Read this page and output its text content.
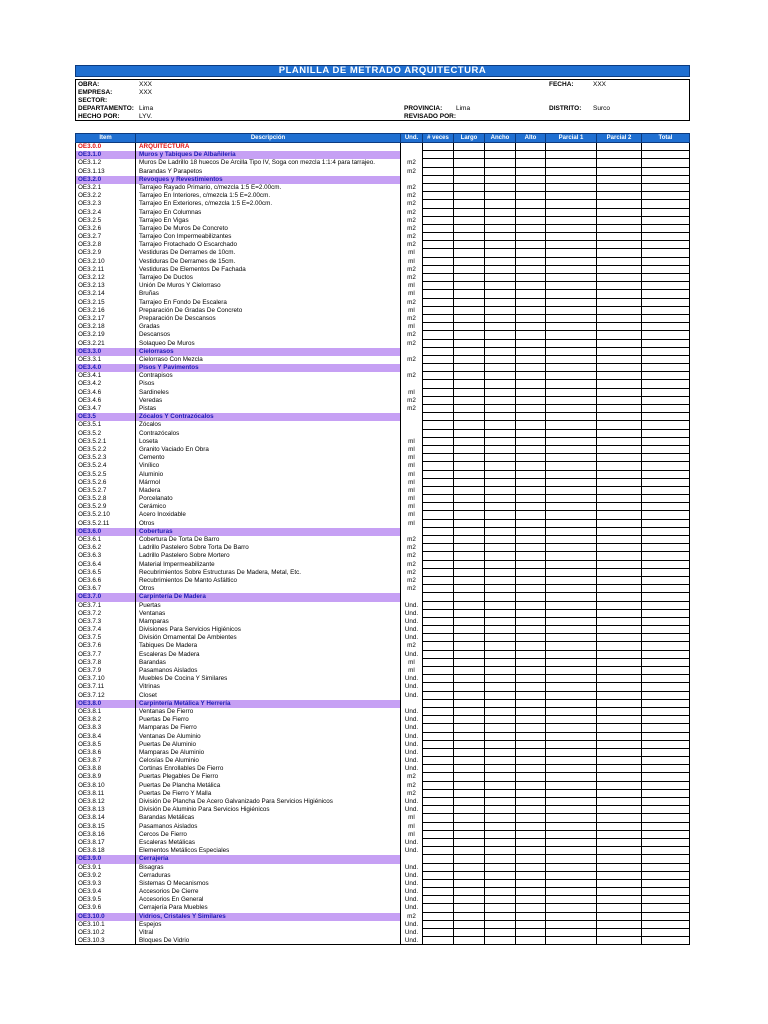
PLANILLA DE METRADO ARQUITECTURA
OBRA:	XXX	FECHA:	XXX
EMPRESA:	XXX
SECTOR:
DEPARTAMENTO: Lima	PROVINCIA: Lima	DISTRITO: Surco
HECHO POR:	LYV.	REVISADO POR:
Item	Descripción	Und.	# veces	Largo	Ancho	Alto	Parcial 1	Parcial 2	Total
OE3.0.0	ARQUITECTURA
OE3.1.0	Muros y Tabiques De Albañilería
OE3.1.2	Muros De Ladrillo 18 huecos De Arcilla Tipo IV, Soga con mezcla 1:1:4 para tarrajeo.	m2
OE3.1.13	Barandas Y Parapetos	m2
OE3.2.0	Revoques y Revestimientos
OE3.2.1	Tarrajeo Rayado Primario, c/mezcla 1:5 E=2.00cm.	m2
OE3.2.2	Tarrajeo En Interiores, c/mezcla 1:5 E=2.00cm.	m2
OE3.2.3	Tarrajeo En Exteriores, c/mezcla 1:5 E=2.00cm.	m2
OE3.2.4	Tarrajeo En Columnas	m2
OE3.2.5	Tarrajeo En Vigas	m2
OE3.2.6	Tarrajeo De Muros De Concreto	m2
OE3.2.7	Tarrajeo Con Impermeabilizantes	m2
OE3.2.8	Tarrajeo Frotachado O Escarchado	m2
OE3.2.9	Vestiduras De Derrames de 10cm.	ml
OE3.2.10	Vestiduras De Derrames de 15cm.	ml
OE3.2.11	Vestiduras De Elementos De Fachada	m2
OE3.2.12	Tarrajeo De Ductos	m2
OE3.2.13	Unión De Muros Y Cielorraso	ml
OE3.2.14	Bruñas	ml
OE3.2.15	Tarrajeo En Fondo De Escalera	m2
OE3.2.16	Preparación De Gradas De Concreto	ml
OE3.2.17	Preparación De Descansos	m2
OE3.2.18	Gradas	ml
OE3.2.19	Descansos	m2
OE3.2.21	Solaqueo De Muros	m2
OE3.3.0	Cielorrasos
OE3.3.1	Cielorraso Con Mezcla	m2
OE3.4.0	Pisos Y Pavimentos
OE3.4.1	Contrapisos	m2
OE3.4.2	Pisos
OE3.4.6	Sardineles	ml
OE3.4.6	Veredas	m2
OE3.4.7	Pistas	m2
OE3.5	Zócalos Y Contrazócalos
OE3.5.1	Zócalos
OE3.5.2	Contrazócalos
OE3.5.2.1	Loseta	ml
OE3.5.2.2	Granito Vaciado En Obra	ml
OE3.5.2.3	Cemento	ml
OE3.5.2.4	Vinílico	ml
OE3.5.2.5	Aluminio	ml
OE3.5.2.6	Mármol	ml
OE3.5.2.7	Madera	ml
OE3.5.2.8	Porcelanato	ml
OE3.5.2.9	Cerámico	ml
OE3.5.2.10	Acero Inoxidable	ml
OE3.5.2.11	Otros	ml
OE3.6.0	Coberturas
OE3.6.1	Cobertura De Torta De Barro	m2
OE3.6.2	Ladrillo Pastelero Sobre Torta De Barro	m2
OE3.6.3	Ladrillo Pastelero Sobre Mortero	m2
OE3.6.4	Material Impermeabilizante	m2
OE3.6.5	Recubrimientos Sobre Estructuras De Madera, Metal, Etc.	m2
OE3.6.6	Recubrimientos De Manto Asfáltico	m2
OE3.6.7	Otros	m2
OE3.7.0	Carpintería De Madera
OE3.7.1	Puertas	Und.
OE3.7.2	Ventanas	Und.
OE3.7.3	Mamparas	Und.
OE3.7.4	Divisiones Para Servicios Higiénicos	Und.
OE3.7.5	División Ornamental De Ambientes	Und.
OE3.7.6	Tabiques De Madera	m2
OE3.7.7	Escaleras De Madera	Und.
OE3.7.8	Barandas	ml
OE3.7.9	Pasamanos Aislados	ml
OE3.7.10	Muebles De Cocina Y Similares	Und.
OE3.7.11	Vitrinas	Und.
OE3.7.12	Closet	Und.
OE3.8.0	Carpintería Metálica Y Herrería
OE3.8.1	Ventanas De Fierro	Und.
OE3.8.2	Puertas De Fierro	Und.
OE3.8.3	Mamparas De Fierro	Und.
OE3.8.4	Ventanas De Aluminio	Und.
OE3.8.5	Puertas De Aluminio	Und.
OE3.8.6	Mamparas De Aluminio	Und.
OE3.8.7	Celosías De Aluminio	Und.
OE3.8.8	Cortinas Enrollables De Fierro	Und.
OE3.8.9	Puertas Plegables De Fierro	m2
OE3.8.10	Puertas De Plancha Metálica	m2
OE3.8.11	Puertas De Fierro Y Malla	m2
OE3.8.12	División De Plancha De Acero Galvanizado Para Servicios Higiénicos	Und.
OE3.8.13	División De Aluminio Para Servicios Higiénicos	Und.
OE3.8.14	Barandas Metálicas	ml
OE3.8.15	Pasamanos Aislados	ml
OE3.8.16	Cercos De Fierro	ml
OE3.8.17	Escaleras Metálicas	Und.
OE3.8.18	Elementos Metálicos Especiales	Und.
OE3.9.0	Cerrajería
OE3.9.1	Bisagras	Und.
OE3.9.2	Cerraduras	Und.
OE3.9.3	Sistemas O Mecanismos	Und.
OE3.9.4	Accesorios De Cierre	Und.
OE3.9.5	Accesorios En General	Und.
OE3.9.6	Cerrajería Para Muebles	Und.
OE3.10.0	Vidrios, Cristales Y Similares	m2
OE3.10.1	Espejos	Und.
OE3.10.2	Vitral	Und.
OE3.10.3	Bloques De Vidrio	Und.
